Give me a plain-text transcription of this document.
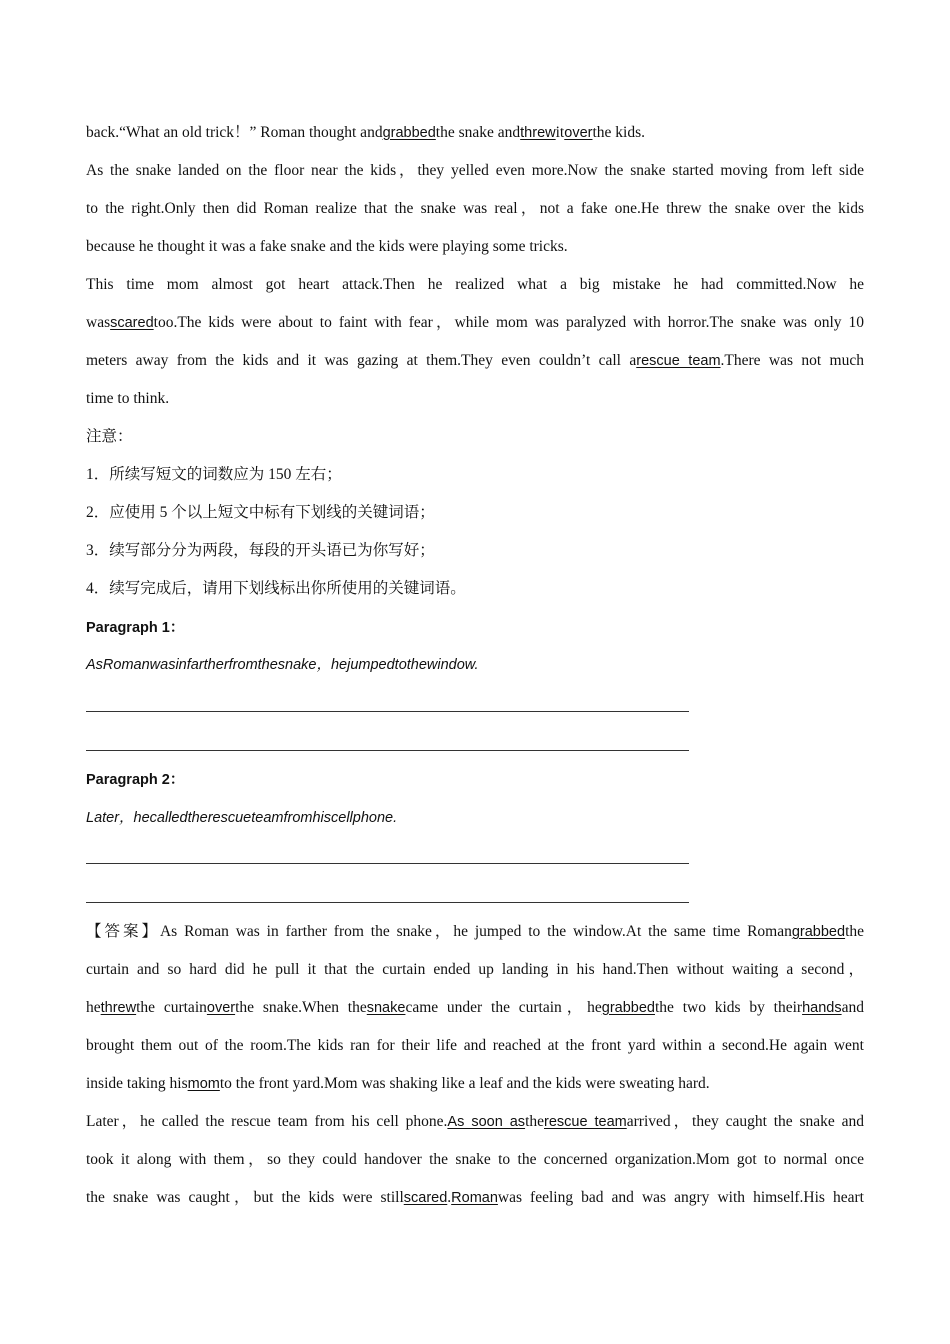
back.“What an old trick！” Roman thought andgrabbedthe snake andthrewitoverthe kids.
As the snake landed on the floor near the kids，they yelled even more.Now the snake started moving from left side
to the right.Only then did Roman realize that the snake was real，not a fake one.He threw the snake over the kids
because he thought it was a fake snake and the kids were playing some tricks.
This time mom almost got heart attack.Then he realized what a big mistake he had committed.Now he
wasscaredtoo.The kids were about to faint with fear，while mom was paralyzed with horror.The snake was only 10
meters away from the kids and it was gazing at them.They even couldn’t call arescue team.There was not much
time to think.
注意：
1．所续写短文的词数应为 150 左右；
2．应使用 5 个以上短文中标有下划线的关键词语；
3．续写部分分为两段，每段的开头语已为你写好；
4．续写完成后，请用下划线标出你所使用的关键词语。
Paragraph 1：
AsRomanwasinfartherfromthesnake，hejumpedtothewindow.
Paragraph 2：
Later，hecalledtherescueteamfromhiscellphone.
【答案】As Roman was in farther from the snake，he jumped to the window.At the same time Romangrabbedthe
curtain and so hard did he pull it that the curtain ended up landing in his hand.Then without waiting a second，
hethrewthe curtainoverthe snake.When thesnakecame under the curtain，hegrabbedthe two kids by theirhandsand
brought them out of the room.The kids ran for their life and reached at the front yard within a second.He again went
inside taking hismomto the front yard.Mom was shaking like a leaf and the kids were sweating hard.
Later，he called the rescue team from his cell phone.As soon astherescue teamarrived，they caught the snake and
took it along with them，so they could handover the snake to the concerned organization.Mom got to normal once
the snake was caught，but the kids were stillscared.Romanwas feeling bad and was angry with himself.His heart
